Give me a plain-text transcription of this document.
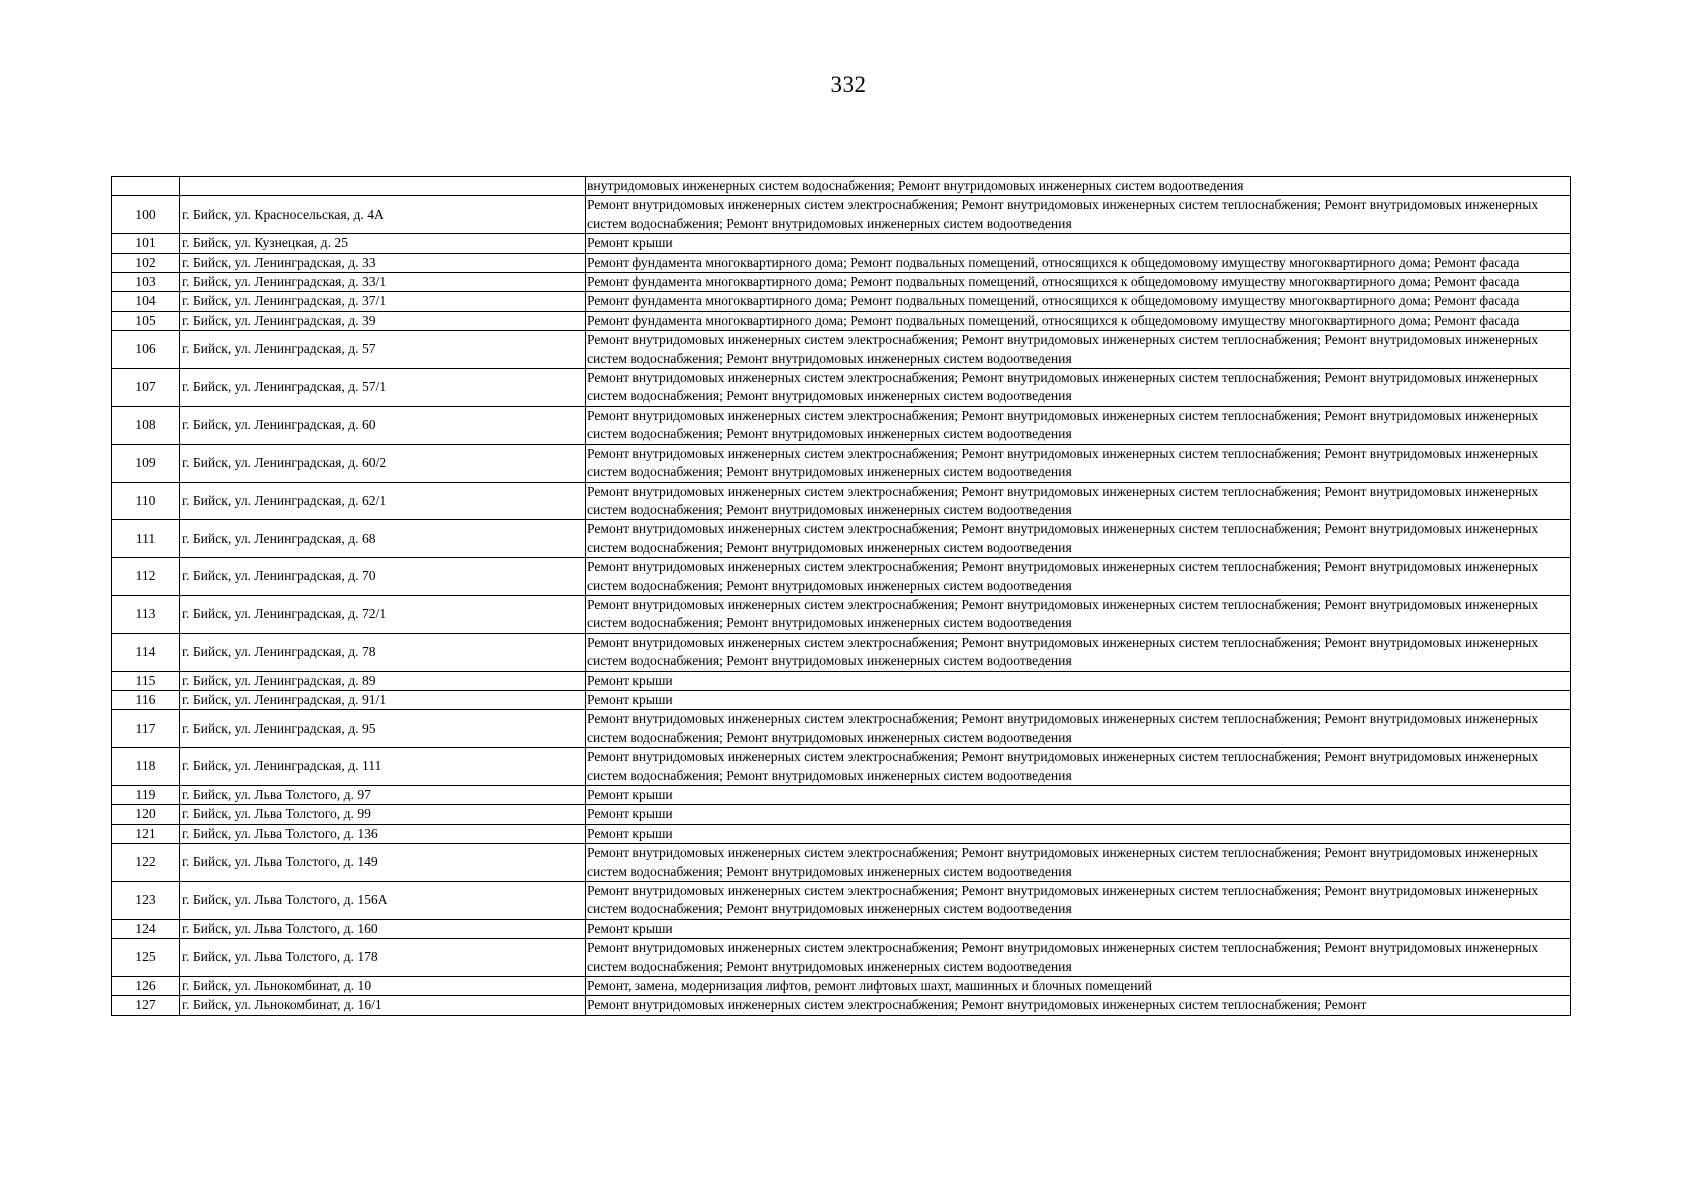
332
		внутридомовых инженерных систем водоснабжения; Ремонт внутридомовых инженерных систем водоотведения
100	г. Бийск, ул. Красносельская, д. 4А	Ремонт внутридомовых инженерных систем электроснабжения; Ремонт внутридомовых инженерных систем теплоснабжения; Ремонт внутридомовых инженерных систем водоснабжения; Ремонт внутридомовых инженерных систем водоотведения
101	г. Бийск, ул. Кузнецкая, д. 25	Ремонт крыши
102	г. Бийск, ул. Ленинградская, д. 33	Ремонт фундамента многоквартирного дома; Ремонт подвальных помещений, относящихся к общедомовому имуществу многоквартирного дома; Ремонт фасада
103	г. Бийск, ул. Ленинградская, д. 33/1	Ремонт фундамента многоквартирного дома; Ремонт подвальных помещений, относящихся к общедомовому имуществу многоквартирного дома; Ремонт фасада
104	г. Бийск, ул. Ленинградская, д. 37/1	Ремонт фундамента многоквартирного дома; Ремонт подвальных помещений, относящихся к общедомовому имуществу многоквартирного дома; Ремонт фасада
105	г. Бийск, ул. Ленинградская, д. 39	Ремонт фундамента многоквартирного дома; Ремонт подвальных помещений, относящихся к общедомовому имуществу многоквартирного дома; Ремонт фасада
106	г. Бийск, ул. Ленинградская, д. 57	Ремонт внутридомовых инженерных систем электроснабжения; Ремонт внутридомовых инженерных систем теплоснабжения; Ремонт внутридомовых инженерных систем водоснабжения; Ремонт внутридомовых инженерных систем водоотведения
107	г. Бийск, ул. Ленинградская, д. 57/1	Ремонт внутридомовых инженерных систем электроснабжения; Ремонт внутридомовых инженерных систем теплоснабжения; Ремонт внутридомовых инженерных систем водоснабжения; Ремонт внутридомовых инженерных систем водоотведения
108	г. Бийск, ул. Ленинградская, д. 60	Ремонт внутридомовых инженерных систем электроснабжения; Ремонт внутридомовых инженерных систем теплоснабжения; Ремонт внутридомовых инженерных систем водоснабжения; Ремонт внутридомовых инженерных систем водоотведения
109	г. Бийск, ул. Ленинградская, д. 60/2	Ремонт внутридомовых инженерных систем электроснабжения; Ремонт внутридомовых инженерных систем теплоснабжения; Ремонт внутридомовых инженерных систем водоснабжения; Ремонт внутридомовых инженерных систем водоотведения
110	г. Бийск, ул. Ленинградская, д. 62/1	Ремонт внутридомовых инженерных систем электроснабжения; Ремонт внутридомовых инженерных систем теплоснабжения; Ремонт внутридомовых инженерных систем водоснабжения; Ремонт внутридомовых инженерных систем водоотведения
111	г. Бийск, ул. Ленинградская, д. 68	Ремонт внутридомовых инженерных систем электроснабжения; Ремонт внутридомовых инженерных систем теплоснабжения; Ремонт внутридомовых инженерных систем водоснабжения; Ремонт внутридомовых инженерных систем водоотведения
112	г. Бийск, ул. Ленинградская, д. 70	Ремонт внутридомовых инженерных систем электроснабжения; Ремонт внутридомовых инженерных систем теплоснабжения; Ремонт внутридомовых инженерных систем водоснабжения; Ремонт внутридомовых инженерных систем водоотведения
113	г. Бийск, ул. Ленинградская, д. 72/1	Ремонт внутридомовых инженерных систем электроснабжения; Ремонт внутридомовых инженерных систем теплоснабжения; Ремонт внутридомовых инженерных систем водоснабжения; Ремонт внутридомовых инженерных систем водоотведения
114	г. Бийск, ул. Ленинградская, д. 78	Ремонт внутридомовых инженерных систем электроснабжения; Ремонт внутридомовых инженерных систем теплоснабжения; Ремонт внутридомовых инженерных систем водоснабжения; Ремонт внутридомовых инженерных систем водоотведения
115	г. Бийск, ул. Ленинградская, д. 89	Ремонт крыши
116	г. Бийск, ул. Ленинградская, д. 91/1	Ремонт крыши
117	г. Бийск, ул. Ленинградская, д. 95	Ремонт внутридомовых инженерных систем электроснабжения; Ремонт внутридомовых инженерных систем теплоснабжения; Ремонт внутридомовых инженерных систем водоснабжения; Ремонт внутридомовых инженерных систем водоотведения
118	г. Бийск, ул. Ленинградская, д. 111	Ремонт внутридомовых инженерных систем электроснабжения; Ремонт внутридомовых инженерных систем теплоснабжения; Ремонт внутридомовых инженерных систем водоснабжения; Ремонт внутридомовых инженерных систем водоотведения
119	г. Бийск, ул. Льва Толстого, д. 97	Ремонт крыши
120	г. Бийск, ул. Льва Толстого, д. 99	Ремонт крыши
121	г. Бийск, ул. Льва Толстого, д. 136	Ремонт крыши
122	г. Бийск, ул. Льва Толстого, д. 149	Ремонт внутридомовых инженерных систем электроснабжения; Ремонт внутридомовых инженерных систем теплоснабжения; Ремонт внутридомовых инженерных систем водоснабжения; Ремонт внутридомовых инженерных систем водоотведения
123	г. Бийск, ул. Льва Толстого, д. 156А	Ремонт внутридомовых инженерных систем электроснабжения; Ремонт внутридомовых инженерных систем теплоснабжения; Ремонт внутридомовых инженерных систем водоснабжения; Ремонт внутридомовых инженерных систем водоотведения
124	г. Бийск, ул. Льва Толстого, д. 160	Ремонт крыши
125	г. Бийск, ул. Льва Толстого, д. 178	Ремонт внутридомовых инженерных систем электроснабжения; Ремонт внутридомовых инженерных систем теплоснабжения; Ремонт внутридомовых инженерных систем водоснабжения; Ремонт внутридомовых инженерных систем водоотведения
126	г. Бийск, ул. Льнокомбинат, д. 10	Ремонт, замена, модернизация лифтов, ремонт лифтовых шахт, машинных и блочных помещений
127	г. Бийск, ул. Льнокомбинат, д. 16/1	Ремонт внутридомовых инженерных систем электроснабжения; Ремонт внутридомовых инженерных систем теплоснабжения; Ремонт
